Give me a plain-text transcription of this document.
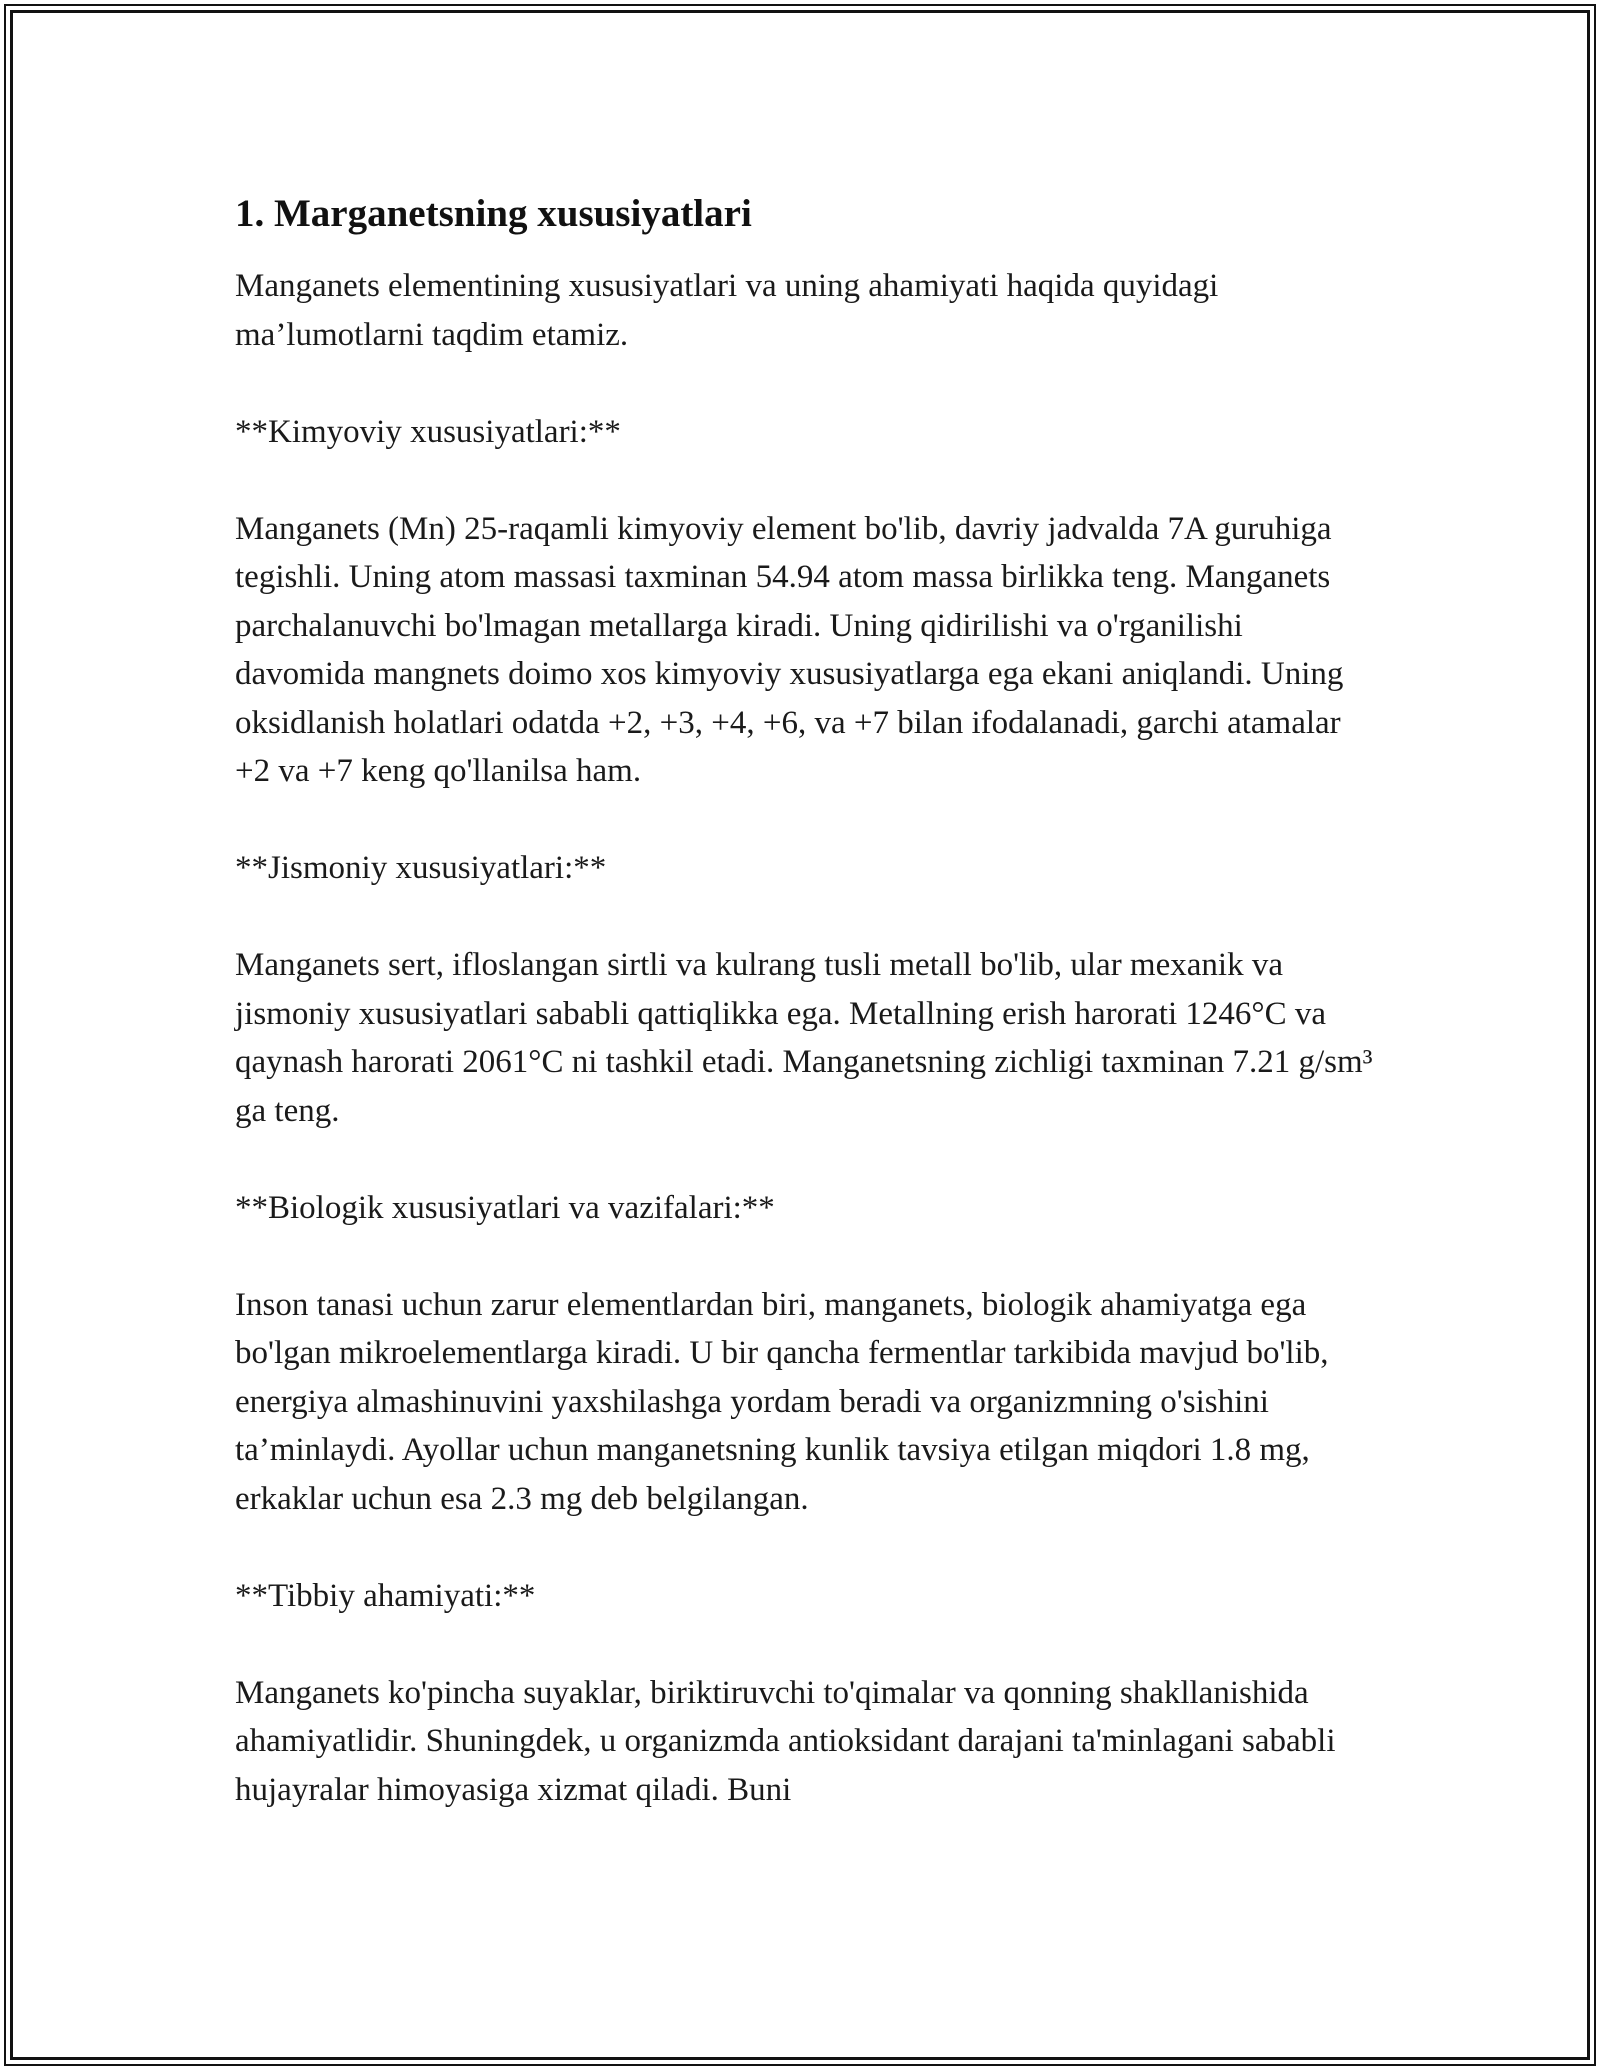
1. Marganetsning xususiyatlari

Manganets elementining xususiyatlari va uning ahamiyati haqida quyidagi ma’lumotlarni taqdim etamiz.

**Kimyoviy xususiyatlari:**

Manganets (Mn) 25-raqamli kimyoviy element bo'lib, davriy jadvalda 7A guruhiga tegishli. Uning atom massasi taxminan 54.94 atom massa birlikka teng. Manganets parchalanuvchi bo'lmagan metallarga kiradi. Uning qidirilishi va o'rganilishi davomida mangnets doimo xos kimyoviy xususiyatlarga ega ekani aniqlandi. Uning oksidlanish holatlari odatda +2, +3, +4, +6, va +7 bilan ifodalanadi, garchi atamalar +2 va +7 keng qo'llanilsa ham.

**Jismoniy xususiyatlari:**

Manganets sert, ifloslangan sirtli va kulrang tusli metall bo'lib, ular mexanik va jismoniy xususiyatlari sababli qattiqlikka ega. Metallning erish harorati 1246°C va qaynash harorati 2061°C ni tashkil etadi. Manganetsning zichligi taxminan 7.21 g/sm³ ga teng.

**Biologik xususiyatlari va vazifalari:**

Inson tanasi uchun zarur elementlardan biri, manganets, biologik ahamiyatga ega bo'lgan mikroelementlarga kiradi. U bir qancha fermentlar tarkibida mavjud bo'lib, energiya almashinuvini yaxshilashga yordam beradi va organizmning o'sishini ta’minlaydi. Ayollar uchun manganetsning kunlik tavsiya etilgan miqdori 1.8 mg, erkaklar uchun esa 2.3 mg deb belgilangan.

**Tibbiy ahamiyati:**

Manganets ko'pincha suyaklar, biriktiruvchi to'qimalar va qonning shakllanishida ahamiyatlidir. Shuningdek, u organizmda antioksidant darajani ta'minlagani sababli hujayralar himoyasiga xizmat qiladi. Buni
